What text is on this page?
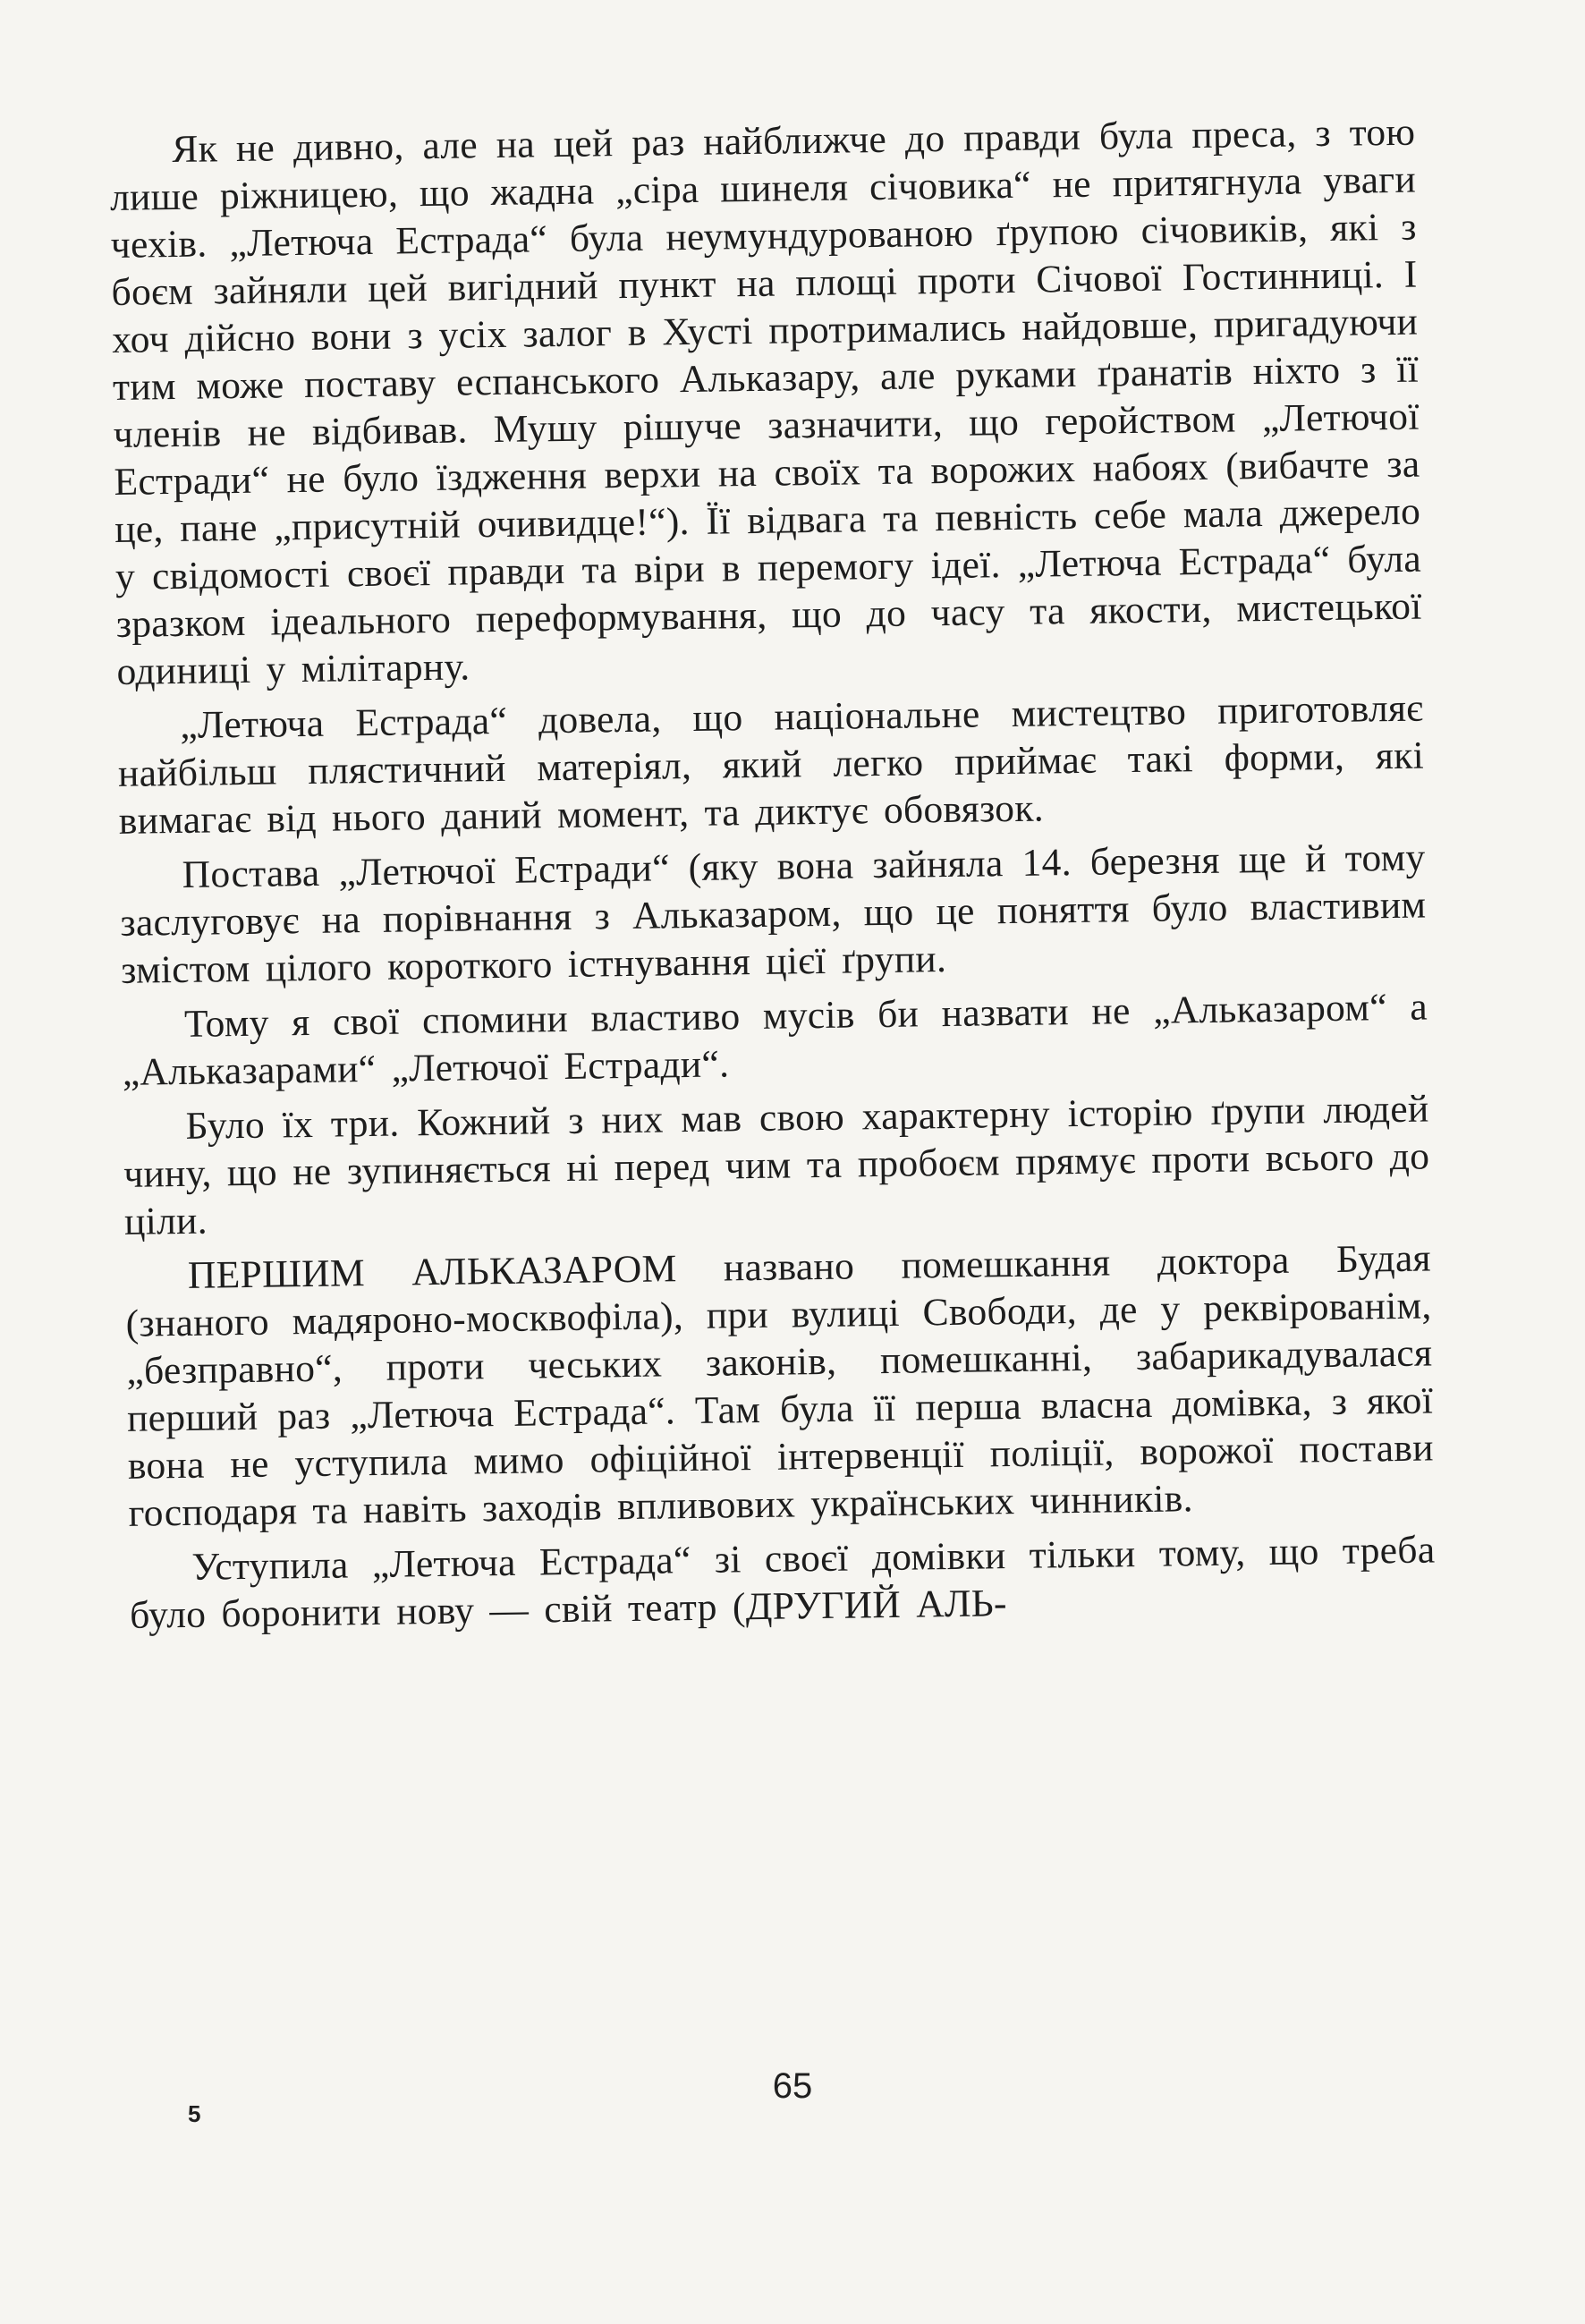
Як не дивно, але на цей раз найближче до правди була преса, з тою лише ріжницею, що жадна „сіра шинеля січовика“ не притягнула уваги чехів. „Летюча Естрада“ була неумундурованою ґрупою січовиків, які з боєм зайняли цей вигідний пункт на площі проти Січової Гостинниці. І хоч дійсно вони з усіх залог в Хусті протримались найдовше, пригадуючи тим може поставу еспанського Альказару, але руками ґранатів ніхто з її членів не відбивав. Мушу рішуче зазначити, що геройством „Летючої Естради“ не було їздження верхи на своїх та ворожих набоях (вибачте за це, пане „присутній очивидце!“). Її відвага та певність себе мала джерело у свідомості своєї правди та віри в перемогу ідеї. „Летюча Естрада“ була зразком ідеального переформування, що до часу та якости, мистецької одиниці у мілітарну.

„Летюча Естрада“ довела, що національне мистецтво приготовляє найбільш плястичний матеріял, який легко приймає такі форми, які вимагає від нього даний момент, та диктує обовязок.

Постава „Летючої Естради“ (яку вона зайняла 14. березня ще й тому заслуговує на порівнання з Альказаром, що це поняття було властивим змістом цілого короткого істнування цієї ґрупи.

Тому я свої спомини властиво мусів би назвати не „Альказаром“ а „Альказарами“ „Летючої Естради“.

Було їх три. Кожний з них мав свою характерну історію ґрупи людей чину, що не зупиняється ні перед чим та пробоєм прямує проти всього до ціли.

ПЕРШИМ АЛЬКАЗАРОМ названо помешкання доктора Будая (знаного мадяроно-москвофіла), при вулиці Свободи, де у реквірованім, „безправно“, проти чеських законів, помешканні, забарикадувалася перший раз „Летюча Естрада“. Там була її перша власна домівка, з якої вона не уступила мимо офіційної інтервенції поліції, ворожої постави господаря та навіть заходів впливових українських чинників.

Уступила „Летюча Естрада“ зі своєї домівки тільки тому, що треба було боронити нову — свій театр (ДРУГИЙ АЛЬ-

65
5
